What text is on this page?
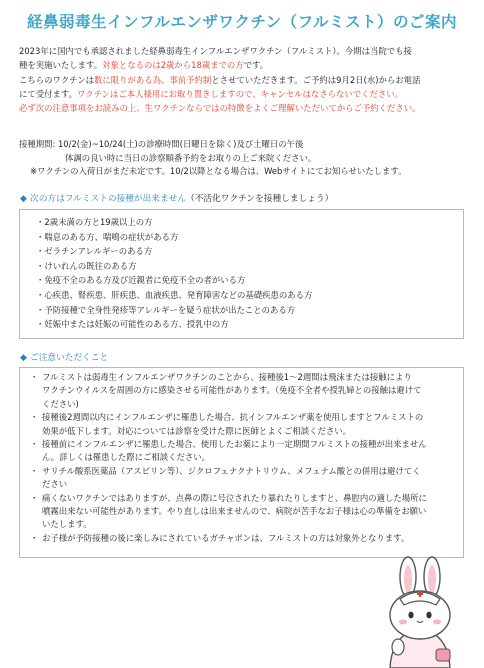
経鼻弱毒生インフルエンザワクチン（フルミスト）のご案内
2023年に国内でも承認されました経鼻弱毒生インフルエンザワクチン（フルミスト）。今期は当院でも接
種を実施いたします。対象となるのは2歳から18歳までの方です。
こちらのワクチンは数に限りがある為、事前予約制とさせていただきます。ご予約は9月2日(水)からお電話
にて受付ます。ワクチンはご本人様用にお取り置きしますので、キャンセルはなさらないでください。
必ず次の注意事項をお読みの上、生ワクチンならではの特徴をよくご理解いただいてからご予約ください。
接種期間: 10/2(金)~10/24(土)の診療時間(日曜日を除く)及び土曜日の午後
体調の良い時に当日の診察順番予約をお取りの上ご来院ください。
※ワクチンの入荷日がまだ未定です。10/2以降となる場合は、Webサイトにてお知らせいたします。
◆ 次の方はフルミストの接種が出来ません（不活化ワクチンを接種しましょう）
・2歳未満の方と19歳以上の方
・喘息のある方、喘鳴の症状がある方
・ゼラチンアレルギーのある方
・けいれんの既往のある方
・免疫不全のある方及び近親者に免疫不全の者がいる方
・心疾患、腎疾患、肝疾患、血液疾患、発育障害などの基礎疾患のある方
・予防接種で全身性発疹等アレルギーを疑う症状が出たことのある方
・妊娠中または妊娠の可能性のある方、授乳中の方
◆ ご注意いただくこと
・ フルミストは弱毒生インフルエンザワクチンのことから、接種後1～2週間は飛沫または接触により
ワクチンウイルスを周囲の方に感染させる可能性があります。（免疫不全者や授乳婦との接触は避けて
ください)
・ 接種後2週間以内にインフルエンザに罹患した場合、抗インフルエンザ薬を使用しますとフルミストの
効果が低下します。対応については診察を受けた際に医師とよくご相談ください。
・ 接種前にインフルエンザに罹患した場合、使用したお薬により一定期間フルミストの接種が出来ません
ん。詳しくは罹患した際にご相談ください。
・ サリチル酸系医薬品（アスピリン等）、ジクロフェナクナトリウム、メフェナム酸との併用は避けてく
ださい
・ 痛くないワクチンではありますが、点鼻の際に号泣されたり暴れたりしますと、鼻腔内の適した場所に
噴霧出来ない可能性があります。やり直しは出来ませんので、病院が苦手なお子様は心の準備をお願い
いたします。
・ お子様が予防接種の後に楽しみにされているガチャポンは、フルミストの方は対象外となります。
